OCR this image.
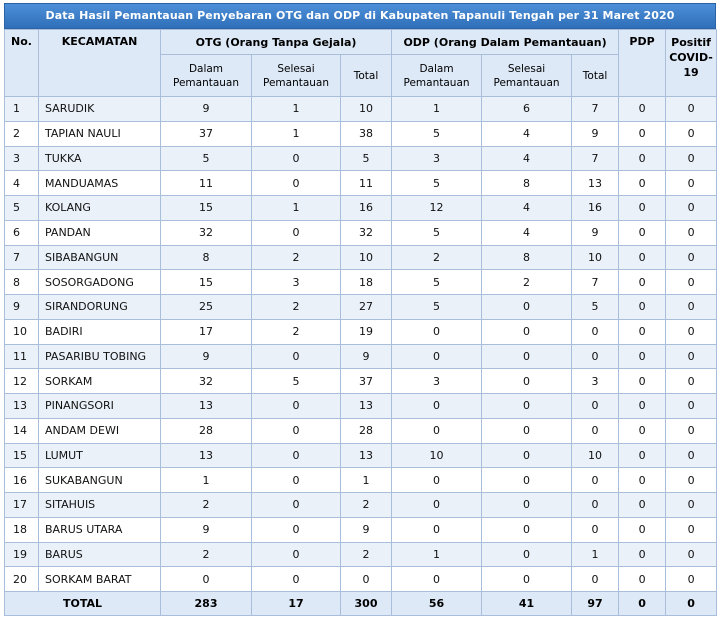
Data Hasil Pemantauan Penyebaran OTG dan ODP di Kabupaten Tapanuli Tengah per 31 Maret 2020
No.	KECAMATAN	OTG (Orang Tanpa Gejala)			ODP (Orang Dalam Pemantauan)			PDP	Positif COVID-19
		Dalam Pemantauan	Selesai Pemantauan	Total	Dalam Pemantauan	Selesai Pemantauan	Total		
1	SARUDIK	9	1	10	1	6	7	0	0
2	TAPIAN NAULI	37	1	38	5	4	9	0	0
3	TUKKA	5	0	5	3	4	7	0	0
4	MANDUAMAS	11	0	11	5	8	13	0	0
5	KOLANG	15	1	16	12	4	16	0	0
6	PANDAN	32	0	32	5	4	9	0	0
7	SIBABANGUN	8	2	10	2	8	10	0	0
8	SOSORGADONG	15	3	18	5	2	7	0	0
9	SIRANDORUNG	25	2	27	5	0	5	0	0
10	BADIRI	17	2	19	0	0	0	0	0
11	PASARIBU TOBING	9	0	9	0	0	0	0	0
12	SORKAM	32	5	37	3	0	3	0	0
13	PINANGSORI	13	0	13	0	0	0	0	0
14	ANDAM DEWI	28	0	28	0	0	0	0	0
15	LUMUT	13	0	13	10	0	10	0	0
16	SUKABANGUN	1	0	1	0	0	0	0	0
17	SITAHUIS	2	0	2	0	0	0	0	0
18	BARUS UTARA	9	0	9	0	0	0	0	0
19	BARUS	2	0	2	1	0	1	0	0
20	SORKAM BARAT	0	0	0	0	0	0	0	0
TOTAL		283	17	300	56	41	97	0	0
